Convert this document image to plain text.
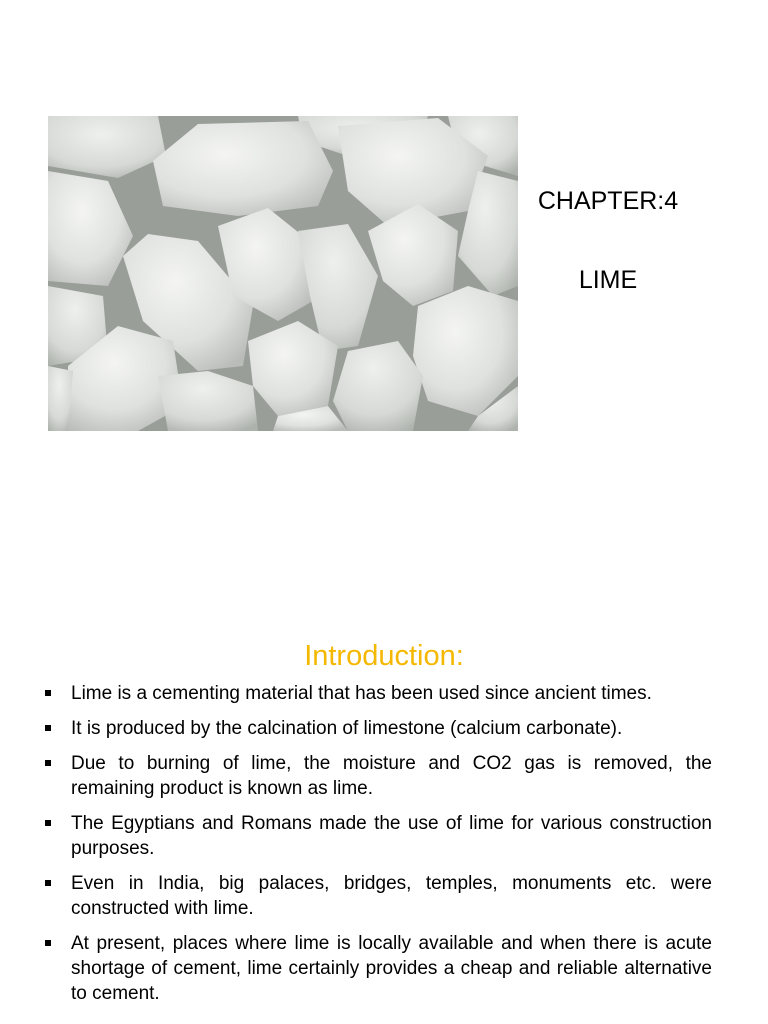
CHAPTER:4
LIME
Introduction:
Lime is a cementing material that has been used since ancient times.
It is produced by the calcination of limestone (calcium carbonate).
Due to burning of lime, the moisture and CO2 gas is removed, the remaining product is known as lime.
The Egyptians and Romans made the use of lime for various construction purposes.
Even in India, big palaces, bridges, temples, monuments etc. were constructed with lime.
At present, places where lime is locally available and when there is acute shortage of cement, lime certainly provides a cheap and reliable alternative to cement.
